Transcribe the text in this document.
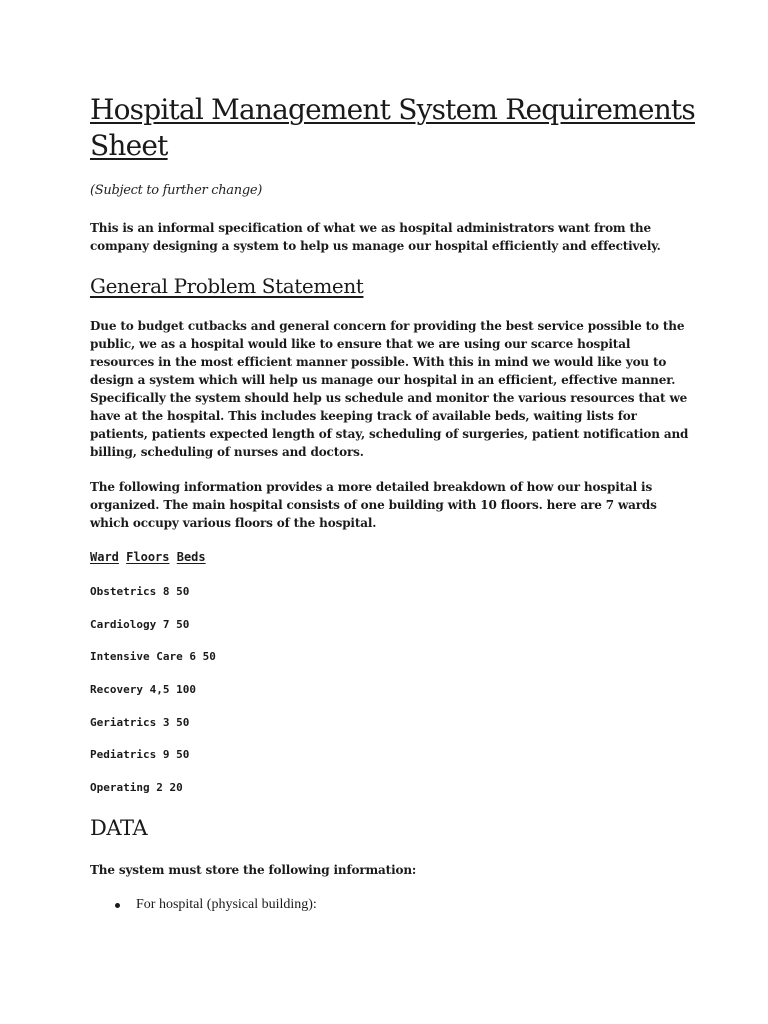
Hospital Management System Requirements Sheet

(Subject to further change)

This is an informal specification of what we as hospital administrators want from the company designing a system to help us manage our hospital efficiently and effectively.

General Problem Statement

Due to budget cutbacks and general concern for providing the best service possible to the public, we as a hospital would like to ensure that we are using our scarce hospital resources in the most efficient manner possible. With this in mind we would like you to design a system which will help us manage our hospital in an efficient, effective manner. Specifically the system should help us schedule and monitor the various resources that we have at the hospital. This includes keeping track of available beds, waiting lists for patients, patients expected length of stay, scheduling of surgeries, patient notification and billing, scheduling of nurses and doctors.

The following information provides a more detailed breakdown of how our hospital is organized. The main hospital consists of one building with 10 floors. here are 7 wards which occupy various floors of the hospital.

Ward Floors Beds
Obstetrics 8 50
Cardiology 7 50
Intensive Care 6 50
Recovery 4,5 100
Geriatrics 3 50
Pediatrics 9 50
Operating 2 20
DATA

The system must store the following information:

For hospital (physical building):
